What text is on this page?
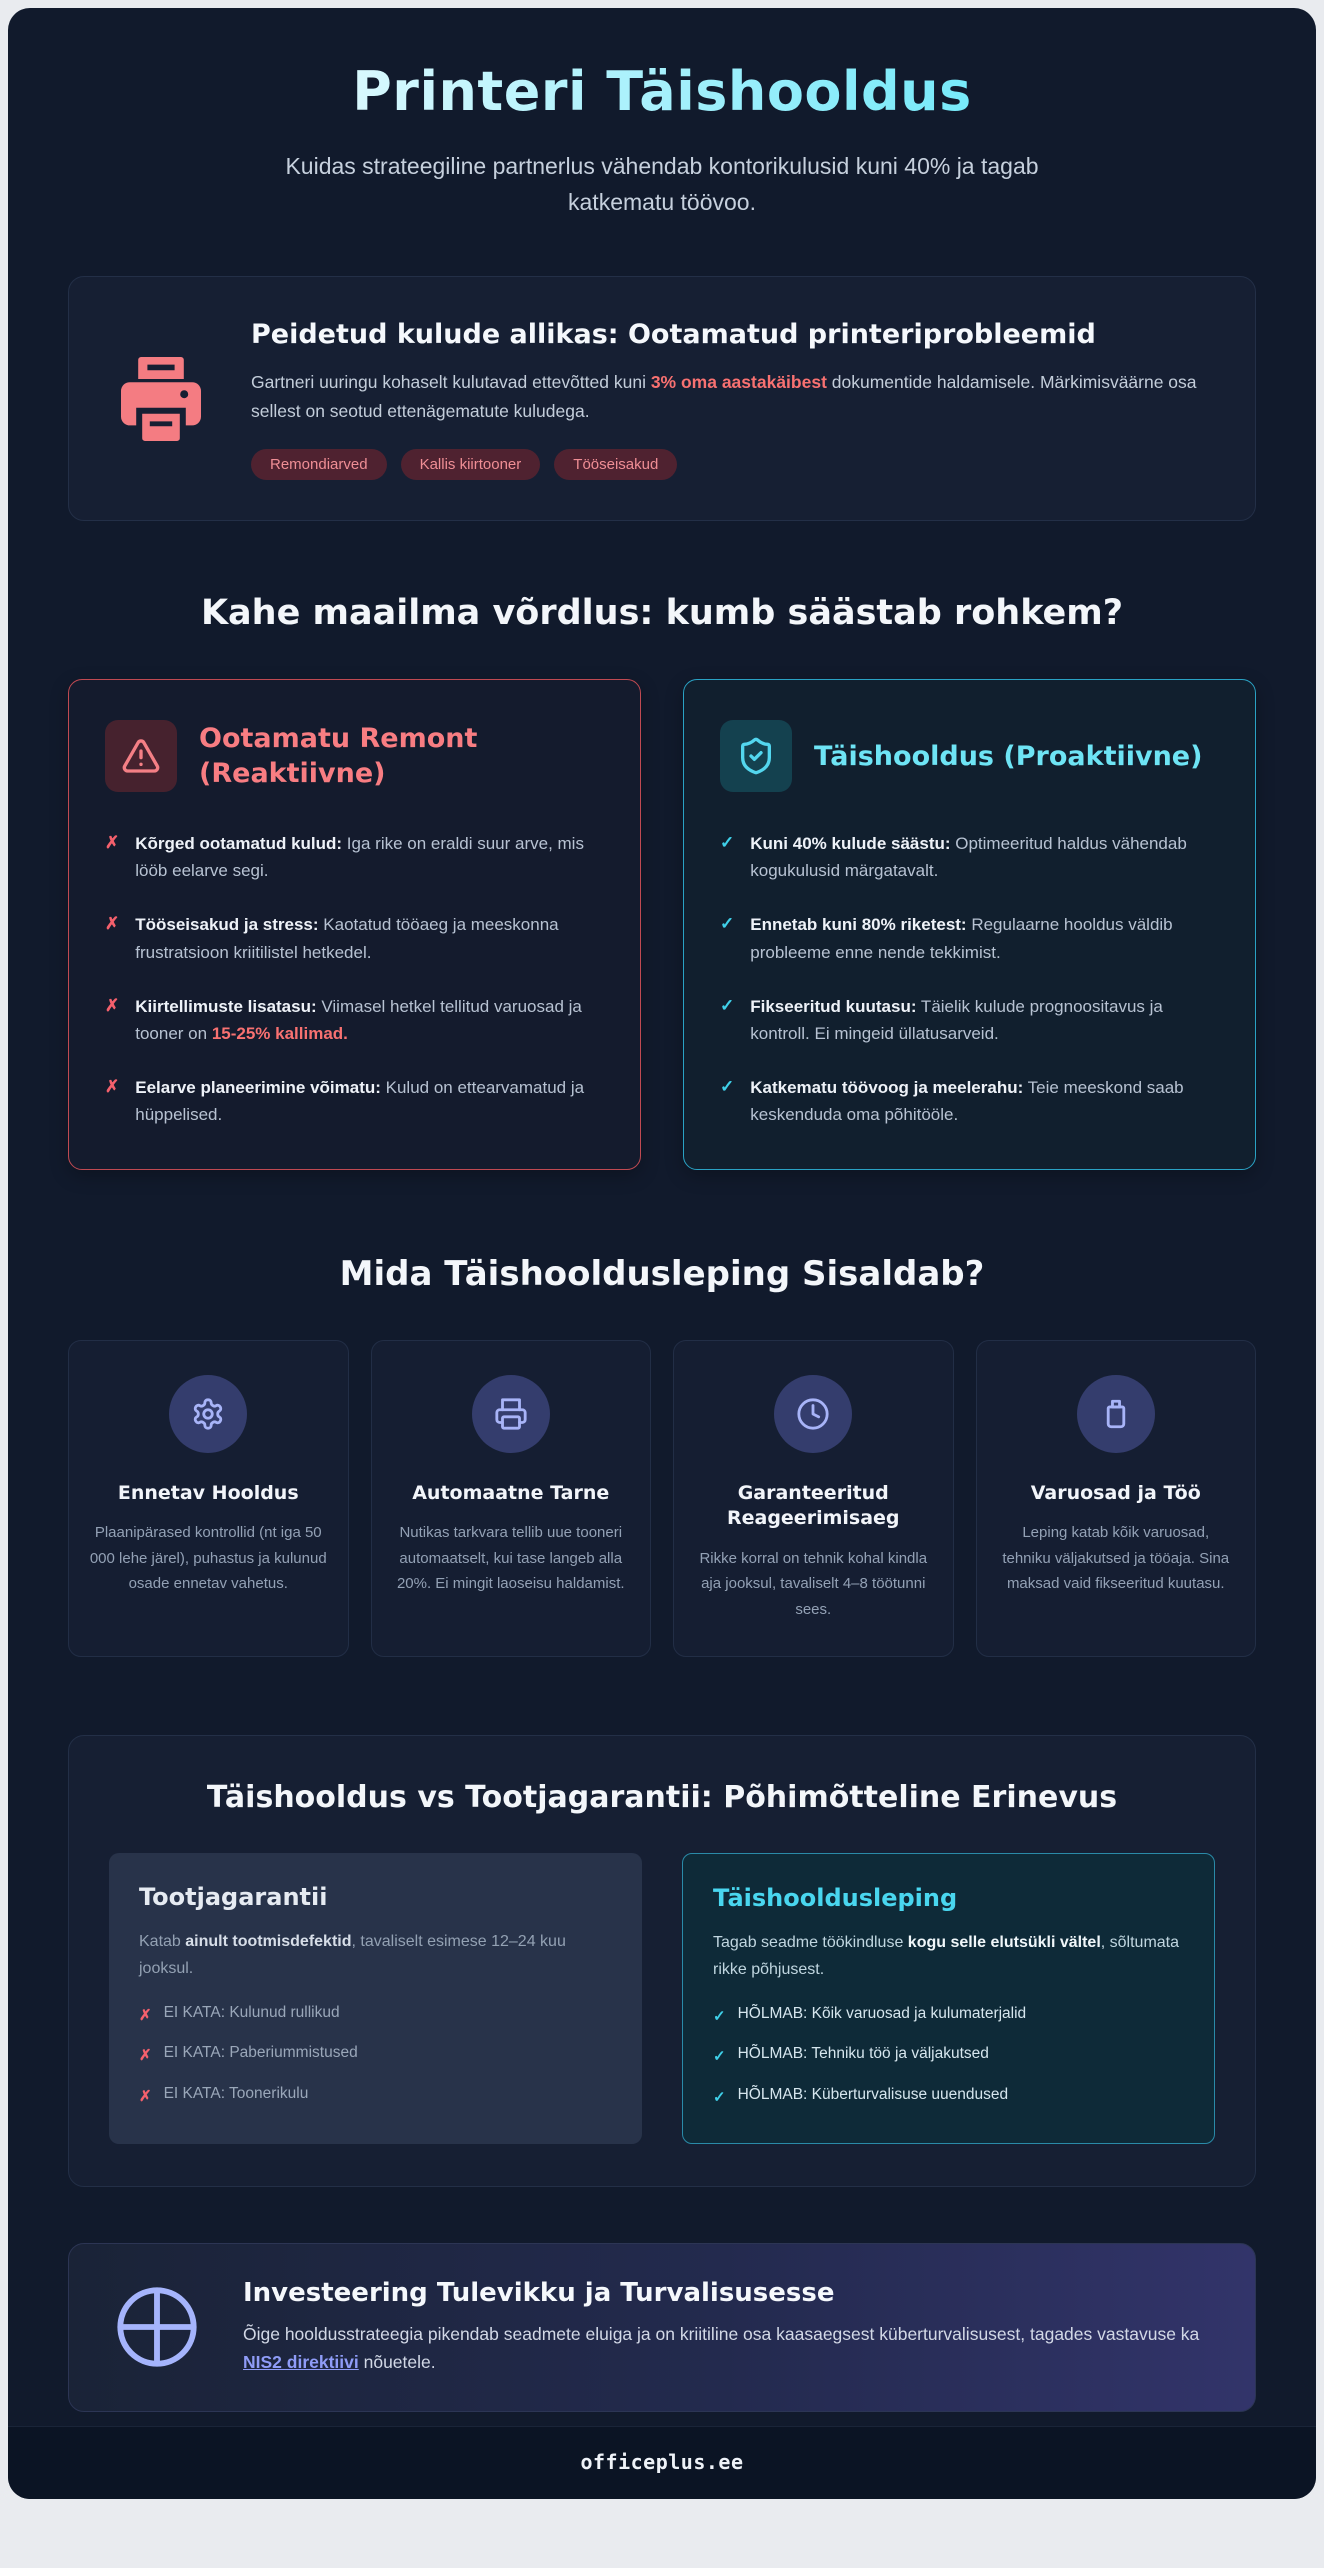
Printeri Täishooldus

Kuidas strateegiline partnerlus vähendab kontorikulusid kuni 40% ja tagab katkematu töövoo.

Peidetud kulude allikas: Ootamatud printeriprobleemid

Gartneri uuringu kohaselt kulutavad ettevõtted kuni 3% oma aastakäibest dokumentide haldamisele. Märkimisväärne osa sellest on seotud ettenägematute kuludega.

Remondiarved	Kallis kiirtooner	Tööseisakud
Kahe maailma võrdlus: kumb säästab rohkem?
Ootamatu Remont (Reaktiivne)
✗ Kõrged ootamatud kulud: Iga rike on eraldi suur arve, mis lööb eelarve segi.

✗ Tööseisakud ja stress: Kaotatud tööaeg ja meeskonna frustratsioon kriitilistel hetkedel.

✗ Kiirtellimuste lisatasu: Viimasel hetkel tellitud varuosad ja tooner on 15-25% kallimad.

✗ Eelarve planeerimine võimatu: Kulud on ettearvamatud ja hüppelised.

Täishooldus (Proaktiivne)
✓ Kuni 40% kulude säästu: Optimeeritud haldus vähendab kogukulusid märgatavalt.

✓ Ennetab kuni 80% riketest: Regulaarne hooldus väldib probleeme enne nende tekkimist.

✓ Fikseeritud kuutasu: Täielik kulude prognoositavus ja kontroll. Ei mingeid üllatusarveid.

✓ Katkematu töövoog ja meelerahu: Teie meeskond saab keskenduda oma põhitööle.

Mida Täishooldusleping Sisaldab?
Ennetav Hooldus

Plaanipärased kontrollid (nt iga 50 000 lehe järel), puhastus ja kulunud osade ennetav vahetus.

Automaatne Tarne

Nutikas tarkvara tellib uue tooneri automaatselt, kui tase langeb alla 20%. Ei mingit laoseisu haldamist.

Garanteeritud Reageerimisaeg

Rikke korral on tehnik kohal kindla aja jooksul, tavaliselt 4–8 töötunni sees.

Varuosad ja Töö

Leping katab kõik varuosad, tehniku väljakutsed ja tööaja. Sina maksad vaid fikseeritud kuutasu.

Täishooldus vs Tootjagarantii: Põhimõtteline Erinevus
Tootjagarantii

Katab ainult tootmisdefektid, tavaliselt esimese 12–24 kuu jooksul.

✗ EI KATA: Kulunud rullikud
✗ EI KATA: Paberiummistused
✗ EI KATA: Toonerikulu
Täishooldusleping

Tagab seadme töökindluse kogu selle elutsükli vältel, sõltumata rikke põhjusest.

✓ HÕLMAB: Kõik varuosad ja kulumaterjalid
✓ HÕLMAB: Tehniku töö ja väljakutsed
✓ HÕLMAB: Küberturvalisuse uuendused
Investeering Tulevikku ja Turvalisusesse

Õige hooldusstrateegia pikendab seadmete eluiga ja on kriitiline osa kaasaegsest küberturvalisusest, tagades vastavuse ka NIS2 direktiivi nõuetele.

officeplus.ee
